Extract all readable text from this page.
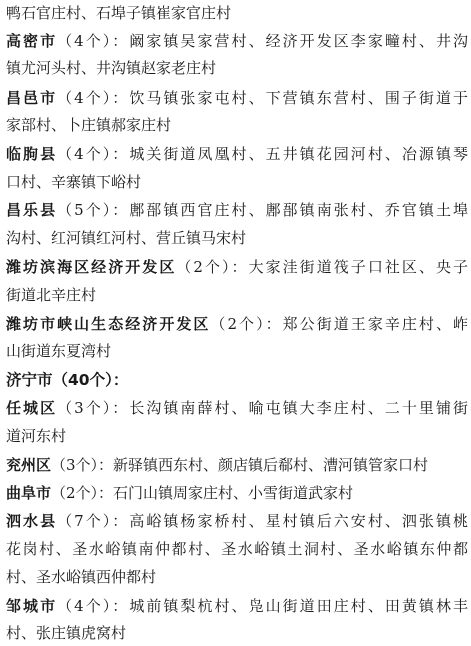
鸭石官庄村、石埠子镇崔家官庄村
高密市（4个）：阚家镇吴家营村、经济开发区李家疃村、井沟
镇尤河头村、井沟镇赵家老庄村
昌邑市（4个）：饮马镇张家屯村、下营镇东营村、围子街道于
家部村、卜庄镇郝家庄村
临朐县（4个）：城关街道凤凰村、五井镇花园河村、冶源镇琴
口村、辛寨镇下峪村
昌乐县（5个）：鄌郚镇西官庄村、鄌郚镇南张村、乔官镇土埠
沟村、红河镇红河村、营丘镇马宋村
潍坊滨海区经济开发区（2个）：大家洼街道筏子口社区、央子
街道北辛庄村
潍坊市峡山生态经济开发区（2个）：郑公街道王家辛庄村、岞
山街道东夏湾村
济宁市（40个）：
任城区（3个）：长沟镇南薛村、喻屯镇大李庄村、二十里铺街
道河东村
兖州区（3个）：新驿镇西东村、颜店镇后郗村、漕河镇管家口村
曲阜市（2个）：石门山镇周家庄村、小雪街道武家村
泗水县（7个）：高峪镇杨家桥村、星村镇后六安村、泗张镇桃
花岗村、圣水峪镇南仲都村、圣水峪镇土洞村、圣水峪镇东仲都
村、圣水峪镇西仲都村
邹城市（4个）：城前镇梨杭村、凫山街道田庄村、田黄镇林丰
村、张庄镇虎窝村
